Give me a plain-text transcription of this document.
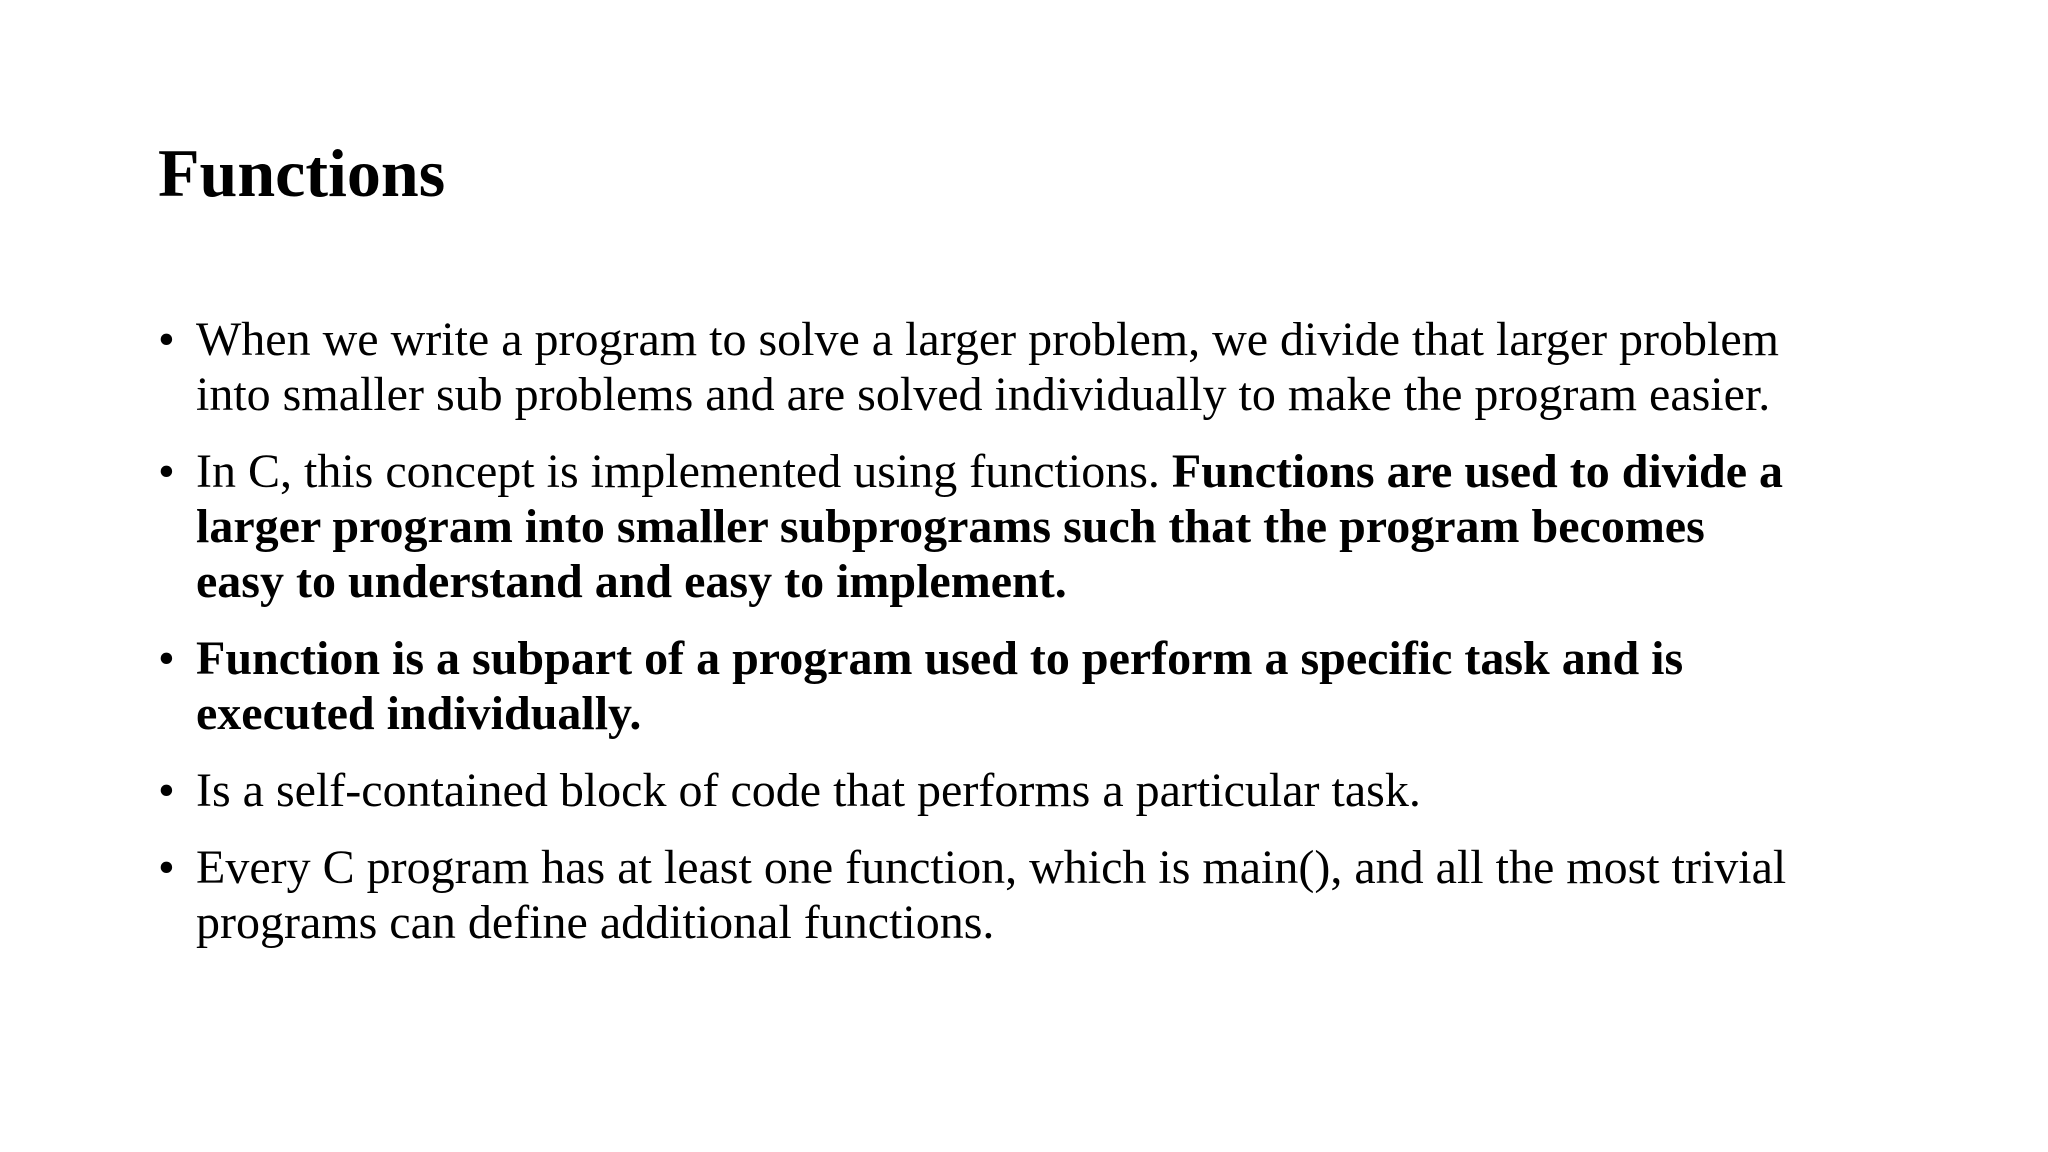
Functions
• When we write a program to solve a larger problem, we divide that larger problem
into smaller sub problems and are solved individually to make the program easier.
• In C, this concept is implemented using functions. Functions are used to divide a
larger program into smaller subprograms such that the program becomes
easy to understand and easy to implement.
• Function is a subpart of a program used to perform a specific task and is
executed individually.
• Is a self-contained block of code that performs a particular task.
• Every C program has at least one function, which is main(), and all the most trivial
programs can define additional functions.
